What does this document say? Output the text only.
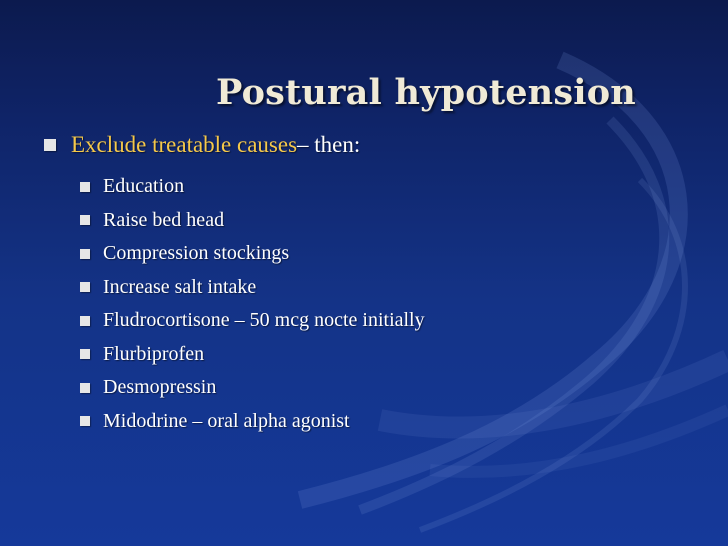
Postural hypotension
Exclude treatable causes – then:
Education
Raise bed head
Compression stockings
Increase salt intake
Fludrocortisone – 50 mcg nocte initially
Flurbiprofen
Desmopressin
Midodrine – oral alpha agonist
